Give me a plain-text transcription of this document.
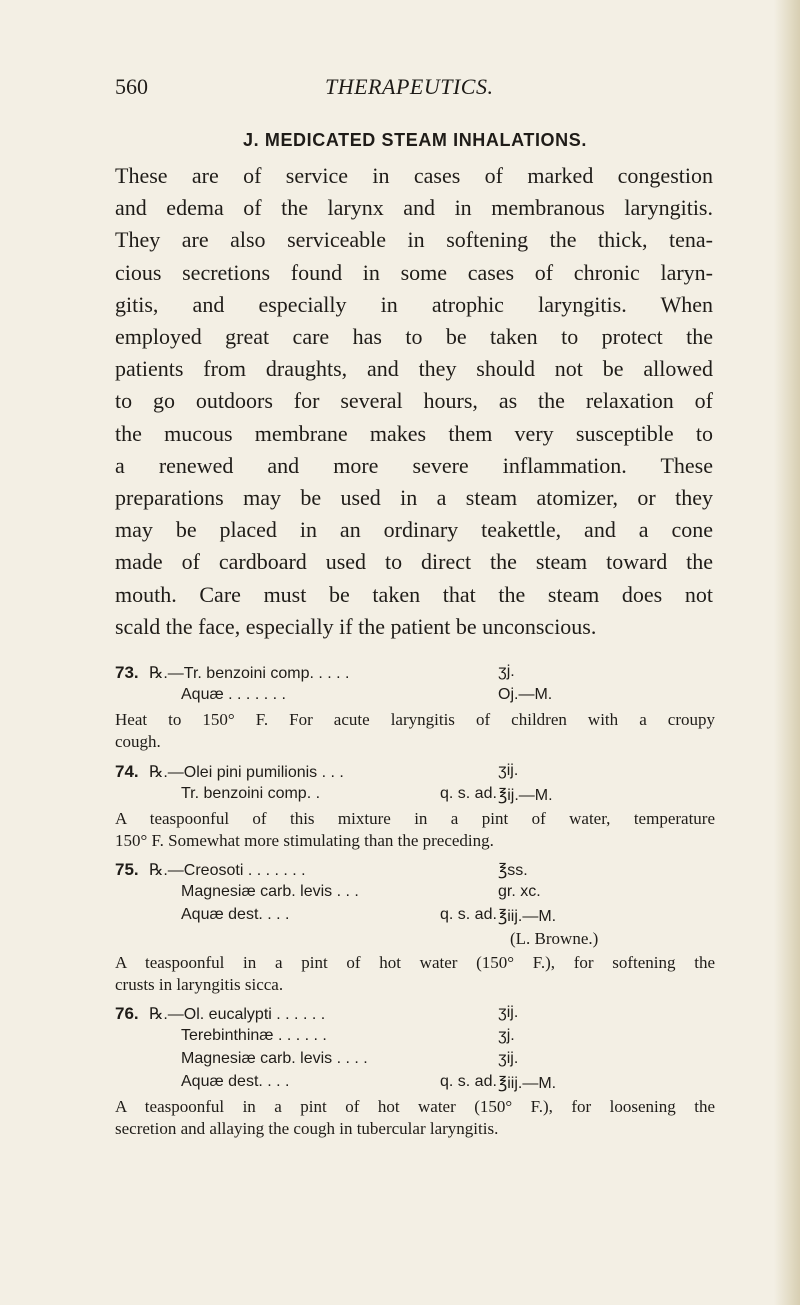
560	THERAPEUTICS.
J. MEDICATED STEAM INHALATIONS.

These are of service in cases of marked congestion
and edema of the larynx and in membranous laryngitis.
They are also serviceable in softening the thick, tena-
cious secretions found in some cases of chronic laryn-
gitis, and especially in atrophic laryngitis. When
employed great care has to be taken to protect the
patients from draughts, and they should not be allowed
to go outdoors for several hours, as the relaxation of
the mucous membrane makes them very susceptible to
a renewed and more severe inflammation. These
preparations may be used in a steam atomizer, or they
may be placed in an ordinary teakettle, and a cone
made of cardboard used to direct the steam toward the
mouth. Care must be taken that the steam does not
scald the face, especially if the patient be unconscious.

73. ℞.—Tr. benzoini comp. . . . .	ʒj.
Aquæ . . . . . . .	Oj.—M.
Heat to 150° F. For acute laryngitis of children with a croupy
cough.
74. ℞.—Olei pini pumilionis . . .	ʒij.
Tr. benzoini comp. .	q. s. ad. ℥ij.—M.
A teaspoonful of this mixture in a pint of water, temperature
150° F. Somewhat more stimulating than the preceding.
75. ℞.—Creosoti . . . . . . .	℥ss.
Magnesiæ carb. levis . . .	gr. xc.
Aquæ dest. . . .	q. s. ad. ℥iij.—M.
(L. Browne.)
A teaspoonful in a pint of hot water (150° F.), for softening the
crusts in laryngitis sicca.
76. ℞.—Ol. eucalypti . . . . . .	ʒij.
Terebinthinæ . . . . . .	ʒj.
Magnesiæ carb. levis . . . .	ʒij.
Aquæ dest. . . .	q. s. ad. ℥iij.—M.
A teaspoonful in a pint of hot water (150° F.), for loosening the
secretion and allaying the cough in tubercular laryngitis.
